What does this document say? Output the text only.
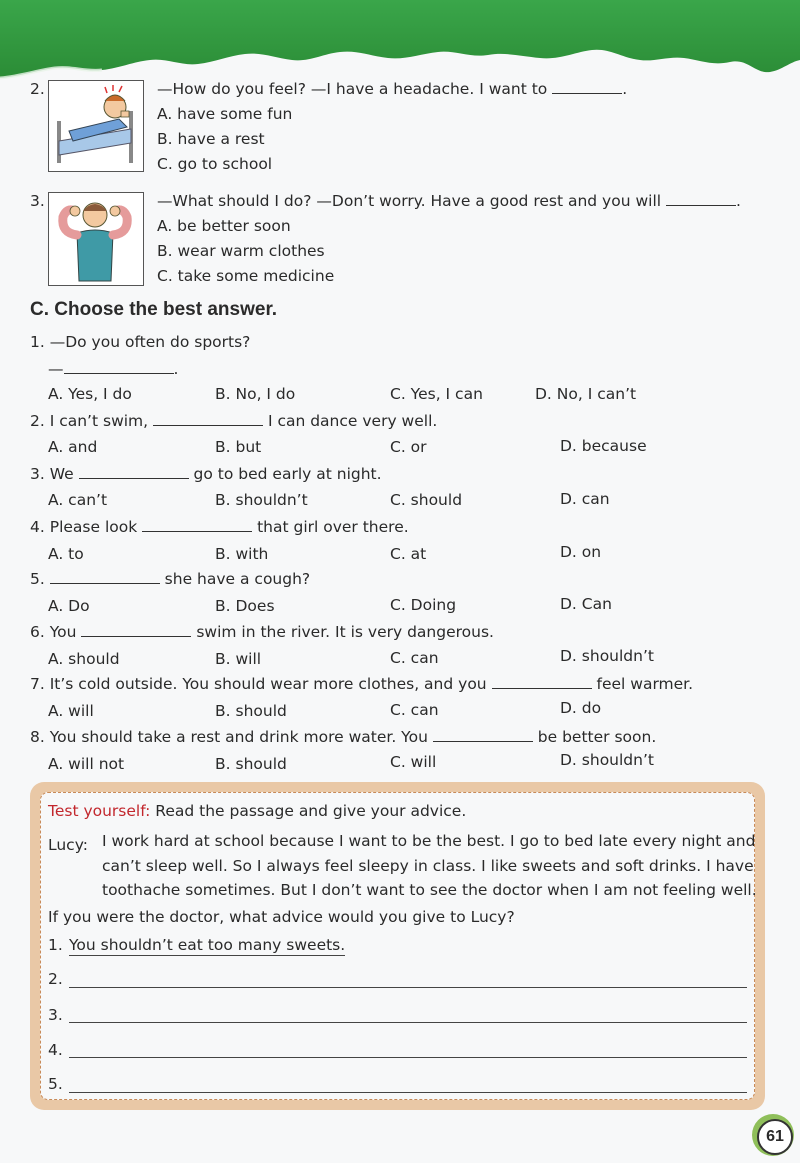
2.	—How do you feel? —I have a headache. I want to	.
A. have some fun
B. have a rest
C. go to school
3.	—What should I do? —Don’t worry. Have a good rest and you will	.
A. be better soon
B. wear warm clothes
C. take some medicine
C. Choose the best answer.
1. —Do you often do sports?
—	.
A. Yes, I do	B. No, I do	C. Yes, I can	D. No, I can’t
2. I can’t swim,	I can dance very well.
A. and	B. but	C. or	D. because
3. We	go to bed early at night.
A. can’t	B. shouldn’t	C. should	D. can
4. Please look	that girl over there.
A. to	B. with	C. at	D. on
5.	she have a cough?
A. Do	B. Does	C. Doing	D. Can
6. You	swim in the river. It is very dangerous.
A. should	B. will	C. can	D. shouldn’t
7. It’s cold outside. You should wear more clothes, and you	feel warmer.
A. will	B. should	C. can	D. do
8. You should take a rest and drink more water. You	be better soon.
A. will not	B. should	C. will	D. shouldn’t
Test yourself: Read the passage and give your advice.
Lucy: I work hard at school because I want to be the best. I go to bed late every night and
can’t sleep well. So I always feel sleepy in class. I like sweets and soft drinks. I have
toothache sometimes. But I don’t want to see the doctor when I am not feeling well.
If you were the doctor, what advice would you give to Lucy?
1. You shouldn’t eat too many sweets.
2.
3.
4.
5.
61
